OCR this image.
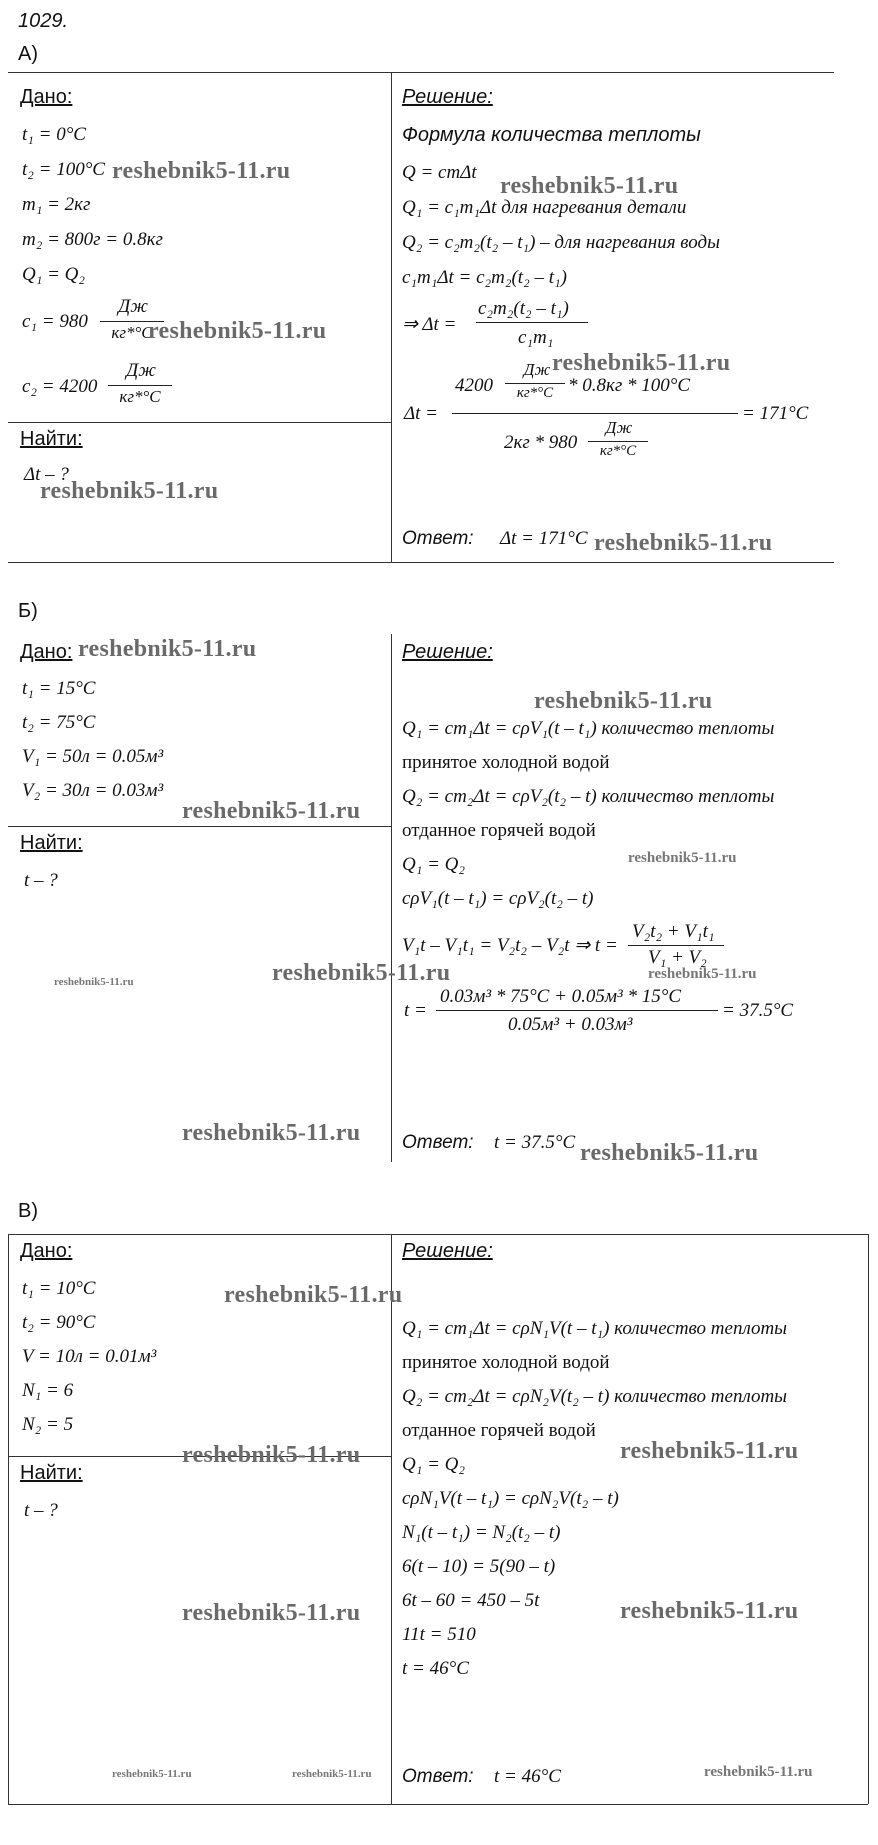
1029.
А)
Дано:
t₁ = 0°C
t₂ = 100°C
m₁ = 2кг
m₂ = 800г = 0.8кг
Q₁ = Q₂
c₁ = 980
Дж
кг*°C
c₂ = 4200
Дж
кг*°C
Найти:
Δt – ?
Решение:
Формула количества теплоты
Q = cmΔt
Q₁ = c₁m₁Δt для нагревания детали
Q₂ = c₂m₂(t₂ – t₁) – для нагревания воды
c₁m₁Δt = c₂m₂(t₂ – t₁)
⇒ Δt =
c₂m₂(t₂ – t₁)
c₁m₁
Δt =
4200
Дж
кг*°C * 0.8кг * 100°C
2кг * 980
Дж
кг*°C
= 171°C
Ответ: Δt = 171°C
reshebnik5-11.ru
reshebnik5-11.ru
reshebnik5-11.ru
reshebnik5-11.ru
reshebnik5-11.ru
reshebnik5-11.ru
Б)
Дано:
t₁ = 15°C
t₂ = 75°C
V₁ = 50л = 0.05м³
V₂ = 30л = 0.03м³
Найти:
t – ?
Решение:
Q₁ = cm₁Δt = cρV₁(t – t₁) количество теплоты
принятое холодной водой
Q₂ = cm₂Δt = cρV₂(t₂ – t) количество теплоты
отданное горячей водой
Q₁ = Q₂
cρV₁(t – t₁) = cρV₂(t₂ – t)
V₁t – V₁t₁ = V₂t₂ – V₂t ⇒ t =
V₂t₂ + V₁t₁
V₁ + V₂
t =
0.03м³ * 75°C + 0.05м³ * 15°C
0.05м³ + 0.03м³
= 37.5°C
Ответ: t = 37.5°C
reshebnik5-11.ru
reshebnik5-11.ru
reshebnik5-11.ru
reshebnik5-11.ru
reshebnik5-11.ru	reshebnik5-11.ru	reshebnik5-11.ru
reshebnik5-11.ru
reshebnik5-11.ru
В)
Дано:
t₁ = 10°C
t₂ = 90°C
V = 10л = 0.01м³
N₁ = 6
N₂ = 5
Найти:
t – ?
Решение:
Q₁ = cm₁Δt = cρN₁V(t – t₁) количество теплоты
принятое холодной водой
Q₂ = cm₂Δt = cρN₂V(t₂ – t) количество теплоты
отданное горячей водой
Q₁ = Q₂
cρN₁V(t – t₁) = cρN₂V(t₂ – t)
N₁(t – t₁) = N₂(t₂ – t)
6(t – 10) = 5(90 – t)
6t – 60 = 450 – 5t
11t = 510
t = 46°C
Ответ: t = 46°C
reshebnik5-11.ru
reshebnik5-11.ru	reshebnik5-11.ru
reshebnik5-11.ru	reshebnik5-11.ru
reshebnik5-11.ru	reshebnik5-11.ru	reshebnik5-11.ru
